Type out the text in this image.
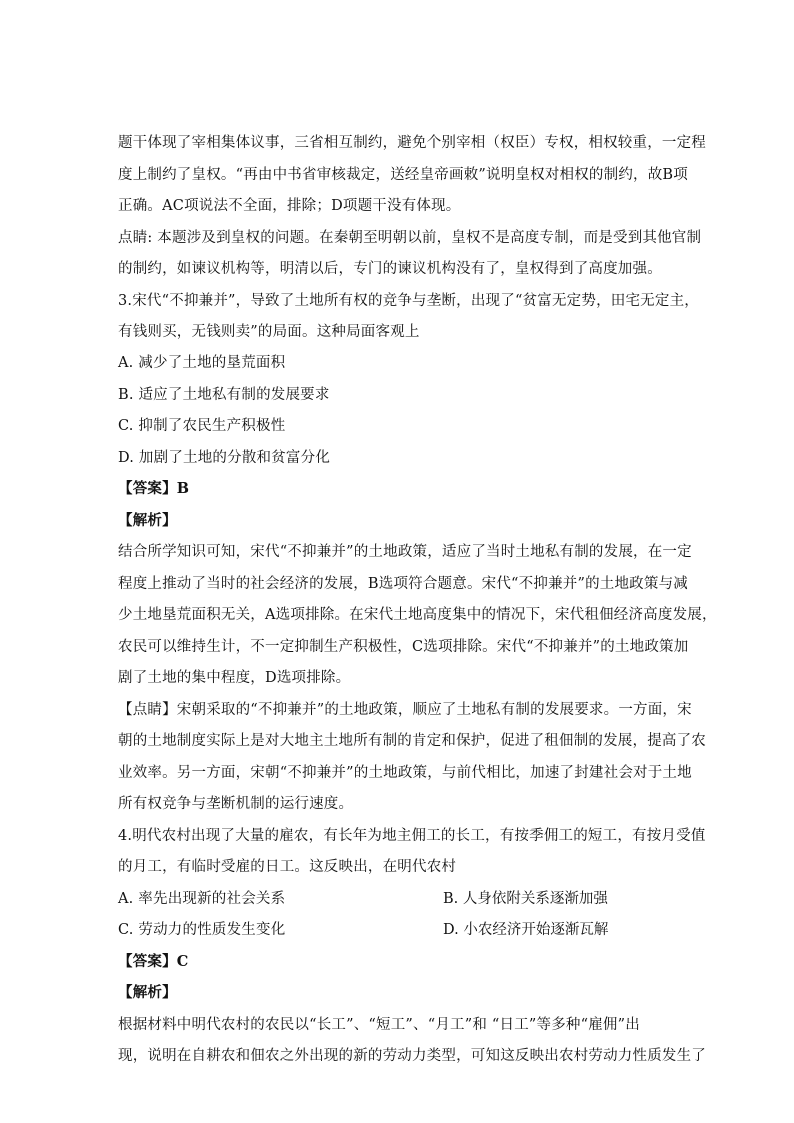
题干体现了宰相集体议事，三省相互制约，避免个别宰相（权臣）专权，相权较重，一定程
度上制约了皇权。“再由中书省审核裁定，送经皇帝画敕”说明皇权对相权的制约，故B项
正确。AC项说法不全面，排除；D项题干没有体现。
点睛: 本题涉及到皇权的问题。在秦朝至明朝以前，皇权不是高度专制，而是受到其他官制
的制约，如谏议机构等，明清以后，专门的谏议机构没有了，皇权得到了高度加强。
3.宋代“不抑兼并”，导致了土地所有权的竞争与垄断，出现了“贫富无定势，田宅无定主，
有钱则买，无钱则卖”的局面。这种局面客观上
A. 减少了土地的垦荒面积
B. 适应了土地私有制的发展要求
C. 抑制了农民生产积极性
D. 加剧了土地的分散和贫富分化
【答案】B
【解析】
结合所学知识可知，宋代“不抑兼并”的土地政策，适应了当时土地私有制的发展，在一定
程度上推动了当时的社会经济的发展，B选项符合题意。宋代“不抑兼并”的土地政策与减
少土地垦荒面积无关，A选项排除。在宋代土地高度集中的情况下，宋代租佃经济高度发展，
农民可以维持生计，不一定抑制生产积极性，C选项排除。宋代“不抑兼并”的土地政策加
剧了土地的集中程度，D选项排除。
【点睛】宋朝采取的“不抑兼并”的土地政策，顺应了土地私有制的发展要求。一方面，宋
朝的土地制度实际上是对大地主土地所有制的肯定和保护，促进了租佃制的发展，提高了农
业效率。另一方面，宋朝“不抑兼并”的土地政策，与前代相比，加速了封建社会对于土地
所有权竞争与垄断机制的运行速度。
4.明代农村出现了大量的雇农，有长年为地主佣工的长工，有按季佣工的短工，有按月受值
的月工，有临时受雇的日工。这反映出，在明代农村
A. 率先出现新的社会关系	B. 人身依附关系逐渐加强
C. 劳动力的性质发生变化	D. 小农经济开始逐渐瓦解
【答案】C
【解析】
根据材料中明代农村的农民以“长工”、“短工”、“月工”和 “日工”等多种“雇佣”出
现，说明在自耕农和佃农之外出现的新的劳动力类型，可知这反映出农村劳动力性质发生了
